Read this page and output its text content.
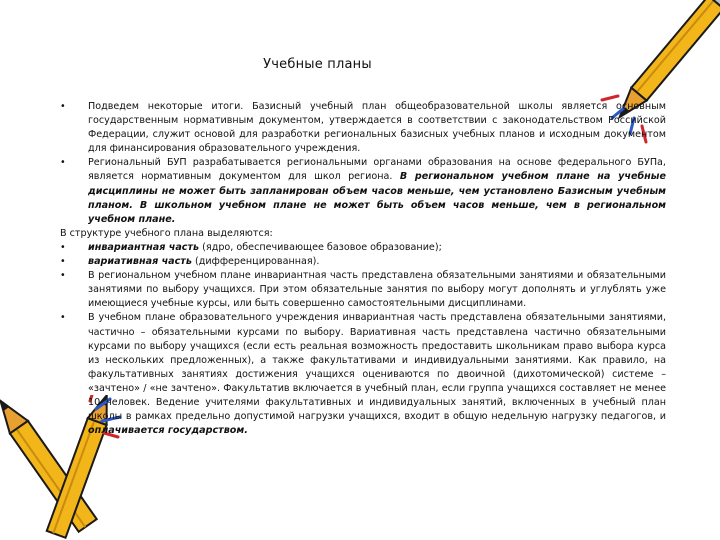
Учебные планы

•	Подведем некоторые итоги. Базисный учебный план общеобразовательной школы является основным государственным нормативным документом, утверждается в соответствии с законодательством Российской Федерации, служит основой для разработки региональных базисных учебных планов и исходным документом для финансирования образовательного учреждения.

•	Региональный БУП разрабатывается региональными органами образования на основе федерального БУПа, является нормативным документом для школ региона. В региональном учебном плане на учебные дисциплины не может быть запланирован объем часов меньше, чем установлено Базисным учебным планом. В школьном учебном плане не может быть объем часов меньше, чем в региональном учебном плане.

В структуре учебного плана выделяются:

•	инвариантная часть (ядро, обеспечивающее базовое образование);

•	вариативная часть (дифференцированная).

•	В региональном учебном плане инвариантная часть представлена обязательными занятиями и обязательными занятиями по выбору учащихся. При этом обязательные занятия по выбору могут дополнять и углублять уже имеющиеся учебные курсы, или быть совершенно самостоятельными дисциплинами.

•	В учебном плане образовательного учреждения инвариантная часть представлена обязательными занятиями, частично – обязательными курсами по выбору. Вариативная часть представлена частично обязательными курсами по выбору учащихся (если есть реальная возможность предоставить школьникам право выбора курса из нескольких предложенных), а также факультативами и индивидуальными занятиями. Как правило, на факультативных занятиях достижения учащихся оцениваются по двоичной (дихотомической) системе – «зачтено» / «не зачтено». Факультатив включается в учебный план, если группа учащихся составляет не менее 10 человек. Ведение учителями факультативных и индивидуальных занятий, включенных в учебный план школы в рамках предельно допустимой нагрузки учащихся, входит в общую недельную нагрузку педагогов, и оплачивается государством.
